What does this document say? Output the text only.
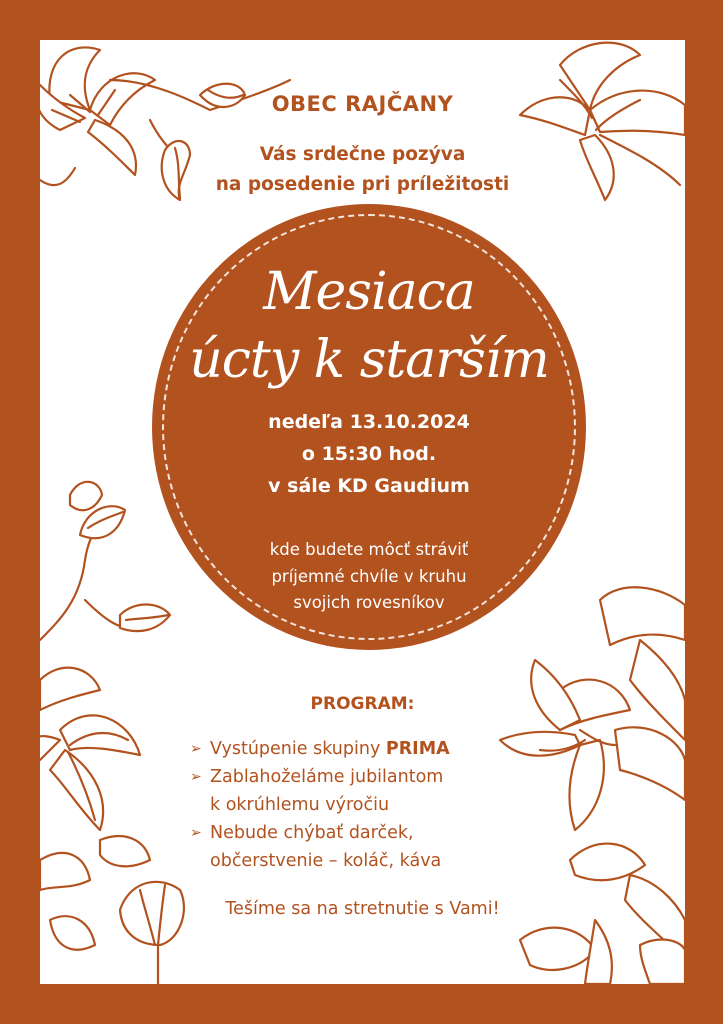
OBEC RAJČANY
Vás srdečne pozýva
na posedenie pri príležitosti
Mesiaca
úcty k starším
nedeľa 13.10.2024
o 15:30 hod.
v sále KD Gaudium
kde budete môcť stráviť
príjemné chvíle v kruhu
svojich rovesníkov
PROGRAM:
➢ Vystúpenie skupiny PRIMA
➢ Zablahoželáme jubilantom
k okrúhlemu výročiu
➢ Nebude chýbať darček,
občerstvenie – koláč, káva
Tešíme sa na stretnutie s Vami!
